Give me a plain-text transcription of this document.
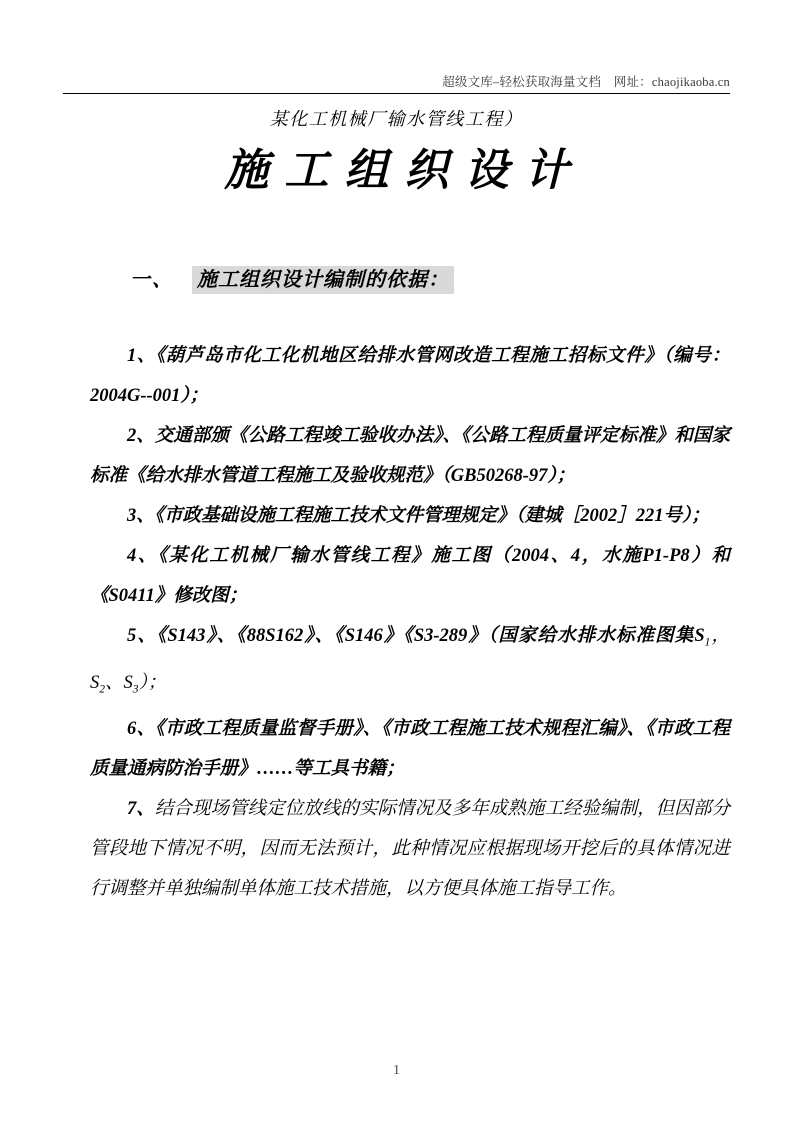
超级文库–轻松获取海量文档　网址：chaojikaoba.cn
某化工机械厂输水管线工程）
施工组织设计
一、 施工组织设计编制的依据：

1、《葫芦岛市化工化机地区给排水管网改造工程施工招标文件》（编号：2004G--001）；

2、交通部颁《公路工程竣工验收办法》、《公路工程质量评定标准》和国家标准《给水排水管道工程施工及验收规范》（GB50268-97）；

3、《市政基础设施工程施工技术文件管理规定》（建城［2002］221号）；

4、《某化工机械厂输水管线工程》施工图（2004、4，水施P1-P8）和《S0411》修改图；

5、《S143》、《88S162》、《S146》《S3-289》（国家给水排水标准图集$S_1$，$S_2$、$S_3$）；

6、《市政工程质量监督手册》、《市政工程施工技术规程汇编》、《市政工程质量通病防治手册》……等工具书籍；

7、结合现场管线定位放线的实际情况及多年成熟施工经验编制，但因部分管段地下情况不明，因而无法预计，此种情况应根据现场开挖后的具体情况进行调整并单独编制单体施工技术措施，以方便具体施工指导工作。

1
